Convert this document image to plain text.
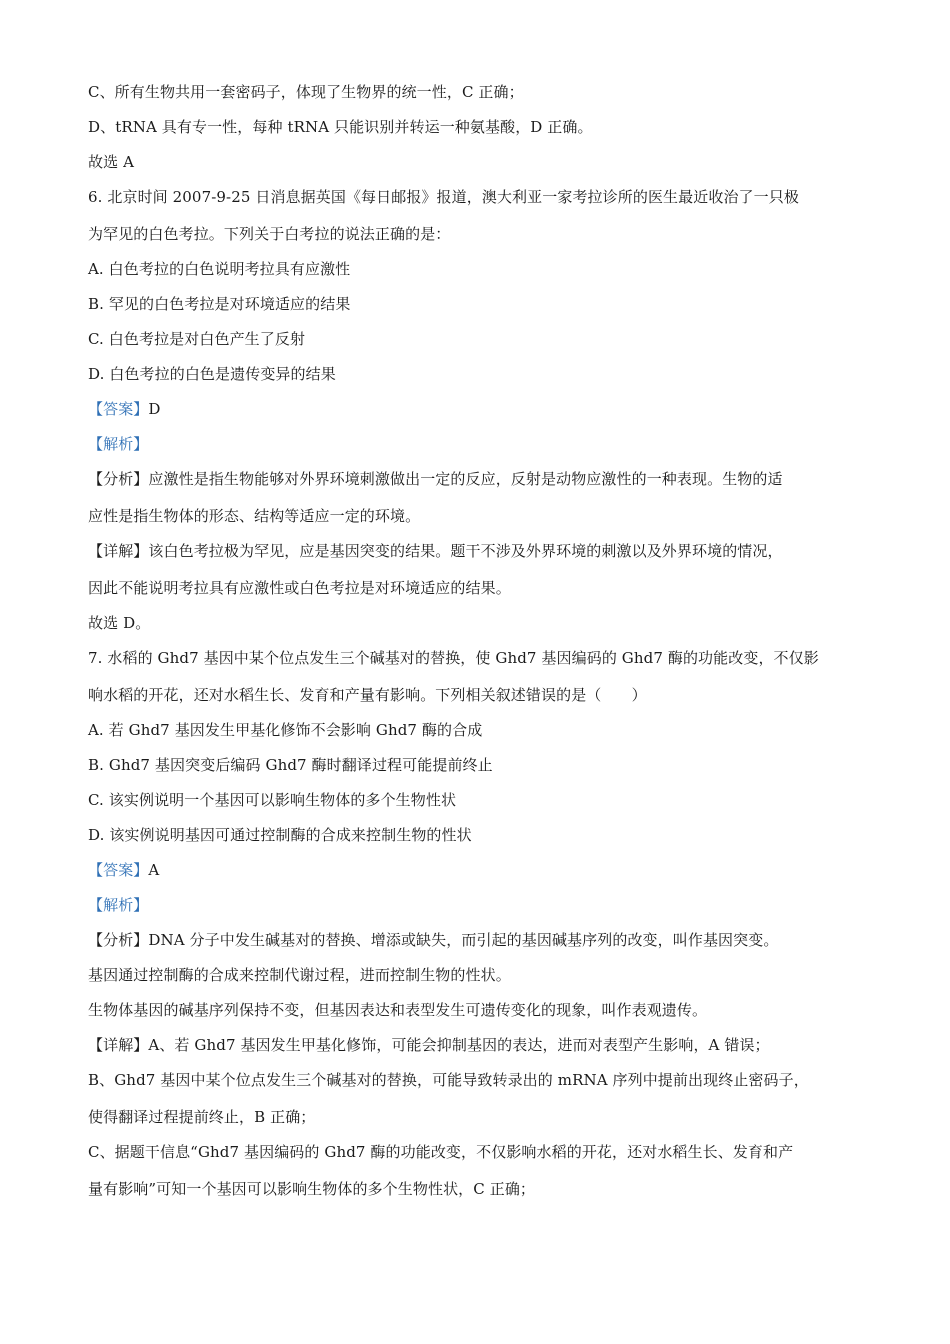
C、所有生物共用一套密码子，体现了生物界的统一性，C 正确；
D、tRNA 具有专一性，每种 tRNA 只能识别并转运一种氨基酸，D 正确。
故选 A
6. 北京时间 2007-9-25 日消息据英国《每日邮报》报道，澳大利亚一家考拉诊所的医生最近收治了一只极
为罕见的白色考拉。下列关于白考拉的说法正确的是：
A. 白色考拉的白色说明考拉具有应激性
B. 罕见的白色考拉是对环境适应的结果
C. 白色考拉是对白色产生了反射
D. 白色考拉的白色是遗传变异的结果
【答案】D
【解析】
【分析】应激性是指生物能够对外界环境刺激做出一定的反应，反射是动物应激性的一种表现。生物的适
应性是指生物体的形态、结构等适应一定的环境。
【详解】该白色考拉极为罕见，应是基因突变的结果。题干不涉及外界环境的刺激以及外界环境的情况，
因此不能说明考拉具有应激性或白色考拉是对环境适应的结果。
故选 D。
7. 水稻的 Ghd7 基因中某个位点发生三个碱基对的替换，使 Ghd7 基因编码的 Ghd7 酶的功能改变，不仅影
响水稻的开花，还对水稻生长、发育和产量有影响。下列相关叙述错误的是（　　）
A. 若 Ghd7 基因发生甲基化修饰不会影响 Ghd7 酶的合成
B. Ghd7 基因突变后编码 Ghd7 酶时翻译过程可能提前终止
C. 该实例说明一个基因可以影响生物体的多个生物性状
D. 该实例说明基因可通过控制酶的合成来控制生物的性状
【答案】A
【解析】
【分析】DNA 分子中发生碱基对的替换、增添或缺失，而引起的基因碱基序列的改变，叫作基因突变。
基因通过控制酶的合成来控制代谢过程，进而控制生物的性状。
生物体基因的碱基序列保持不变，但基因表达和表型发生可遗传变化的现象，叫作表观遗传。
【详解】A、若 Ghd7 基因发生甲基化修饰，可能会抑制基因的表达，进而对表型产生影响，A 错误；
B、Ghd7 基因中某个位点发生三个碱基对的替换，可能导致转录出的 mRNA 序列中提前出现终止密码子，
使得翻译过程提前终止，B 正确；
C、据题干信息“Ghd7 基因编码的 Ghd7 酶的功能改变，不仅影响水稻的开花，还对水稻生长、发育和产
量有影响”可知一个基因可以影响生物体的多个生物性状，C 正确；
